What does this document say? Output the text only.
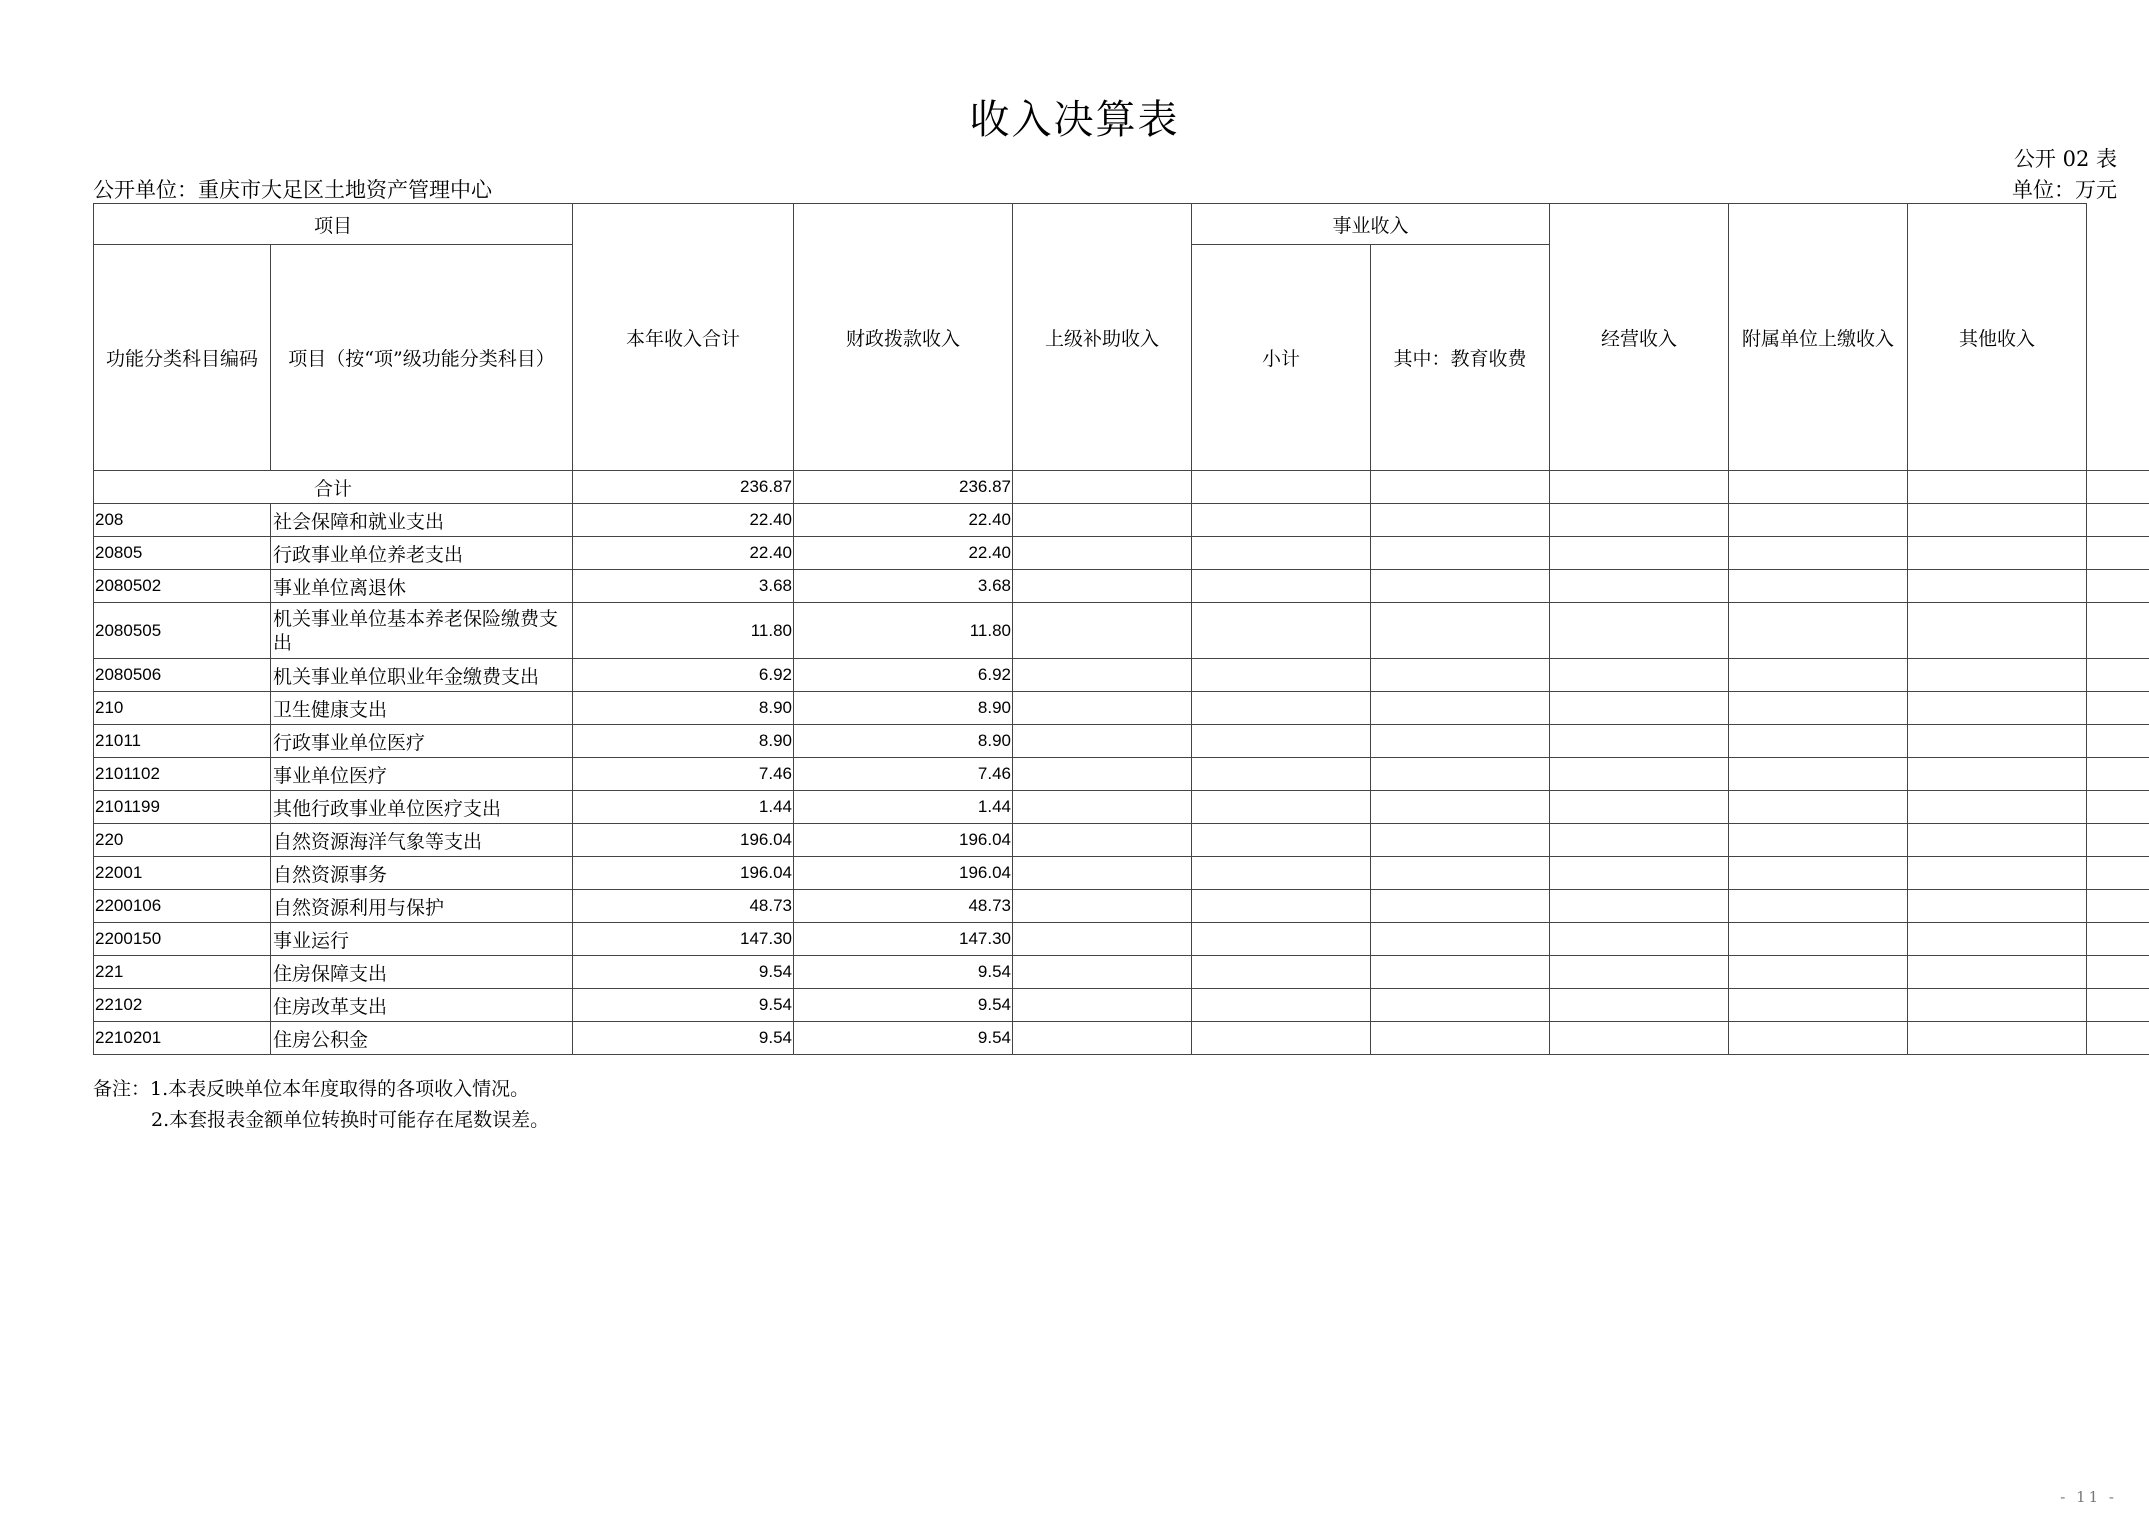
收入决算表
公开 02 表
公开单位：重庆市大足区土地资产管理中心	单位：万元
项目		本年收入合计	财政拨款收入	上级补助收入	事业收入		经营收入	附属单位上缴收入	其他收入	
功能分类科目编码	项目（按“项”级功能分类科目）				小计	其中：教育收费				
合计		236.87	236.87							
208	社会保障和就业支出	22.40	22.40							
20805	行政事业单位养老支出	22.40	22.40							
2080502	事业单位离退休	3.68	3.68							
2080505	机关事业单位基本养老保险缴费支出	11.80	11.80							
2080506	机关事业单位职业年金缴费支出	6.92	6.92							
210	卫生健康支出	8.90	8.90							
21011	行政事业单位医疗	8.90	8.90							
2101102	事业单位医疗	7.46	7.46							
2101199	其他行政事业单位医疗支出	1.44	1.44							
220	自然资源海洋气象等支出	196.04	196.04							
22001	自然资源事务	196.04	196.04							
2200106	自然资源利用与保护	48.73	48.73							
2200150	事业运行	147.30	147.30							
221	住房保障支出	9.54	9.54							
22102	住房改革支出	9.54	9.54							
2210201	住房公积金	9.54	9.54							
备注：1.本表反映单位本年度取得的各项收入情况。
2.本套报表金额单位转换时可能存在尾数误差。
- 11 -
